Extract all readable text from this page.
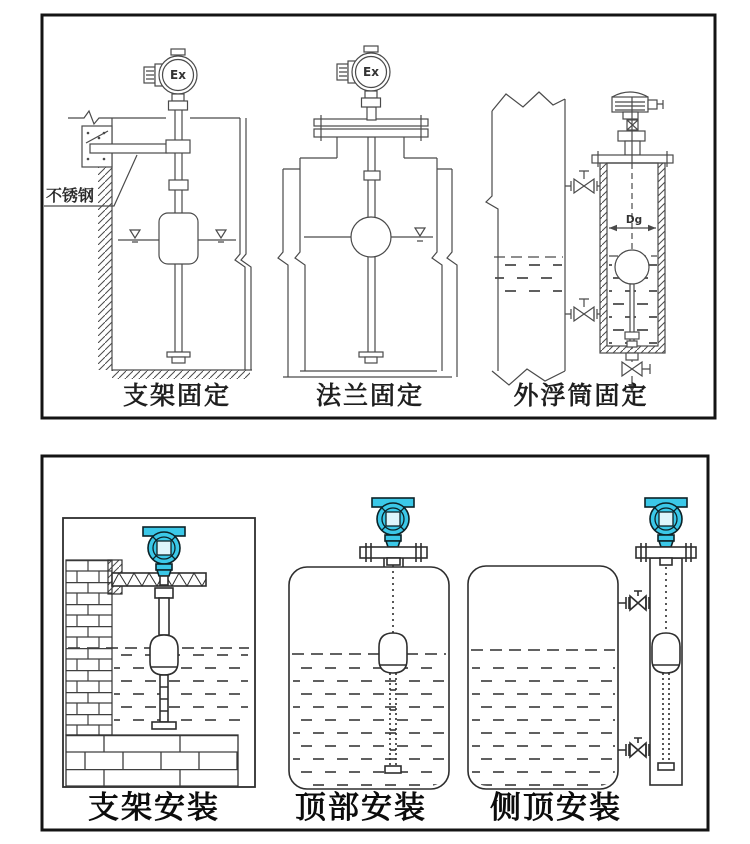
不锈钢
Ex
支架固定
Ex
法兰固定
Dg
外浮筒固定
支架安装 顶部安装 侧顶安装
